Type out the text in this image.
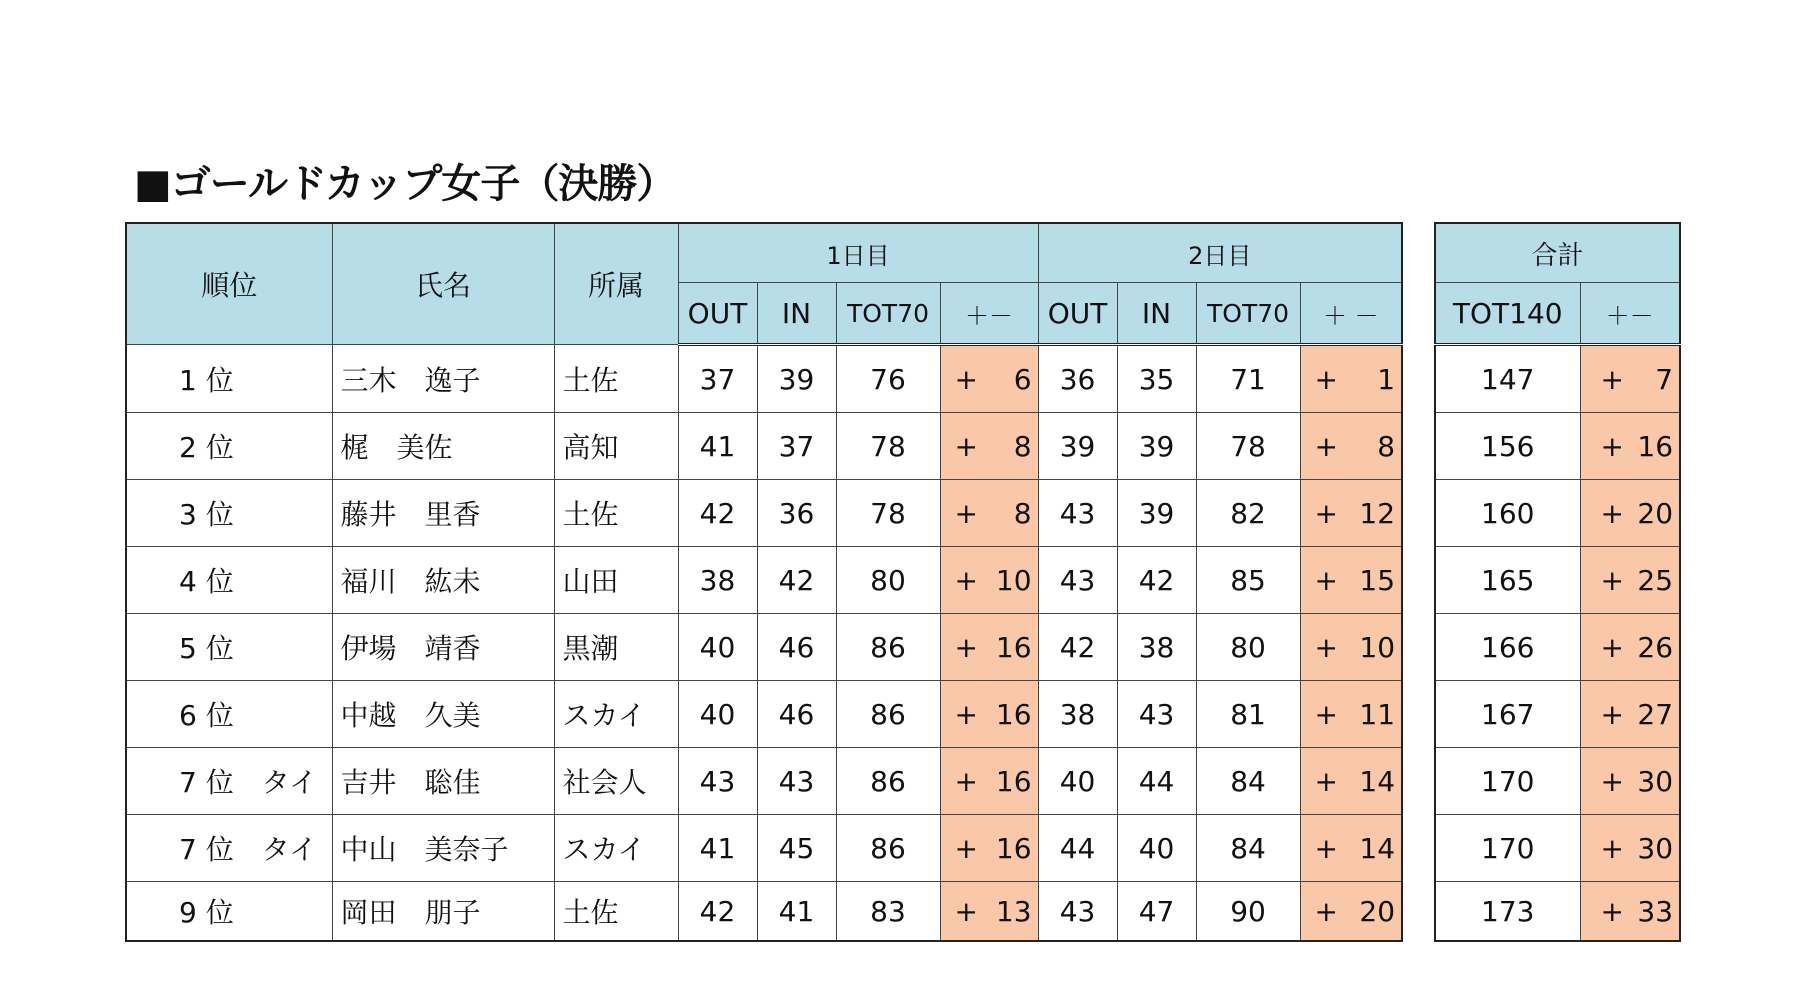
■ゴールドカップ女子（決勝）
順位	氏名	所属	1日目				2日目			
			OUT	IN	TOT70	＋－	OUT	IN	TOT70	＋ －
1 位	三木　逸子	土佐	37	39	76	+ 6	36	35	71	+ 1

2 位	梶　美佐	高知	41	37	78	+ 8	39	39	78	+ 8

3 位	藤井　里香	土佐	42	36	78	+ 8	43	39	82	+ 12

4 位	福川　紘未	山田	38	42	80	+ 10	43	42	85	+ 15

5 位	伊場　靖香	黒潮	40	46	86	+ 16	42	38	80	+ 10

6 位	中越　久美	スカイ	40	46	86	+ 16	38	43	81	+ 11

7 位　タイ	吉井　聡佳	社会人	43	43	86	+ 16	40	44	84	+ 14

7 位　タイ	中山　美奈子	スカイ	41	45	86	+ 16	44	40	84	+ 14

9 位	岡田　朋子	土佐	42	41	83	+ 13	43	47	90	+ 20
合計	
TOT140	＋－
147	+ 7

156	+ 16

160	+ 20

165	+ 25

166	+ 26

167	+ 27

170	+ 30

170	+ 30

173	+ 33
